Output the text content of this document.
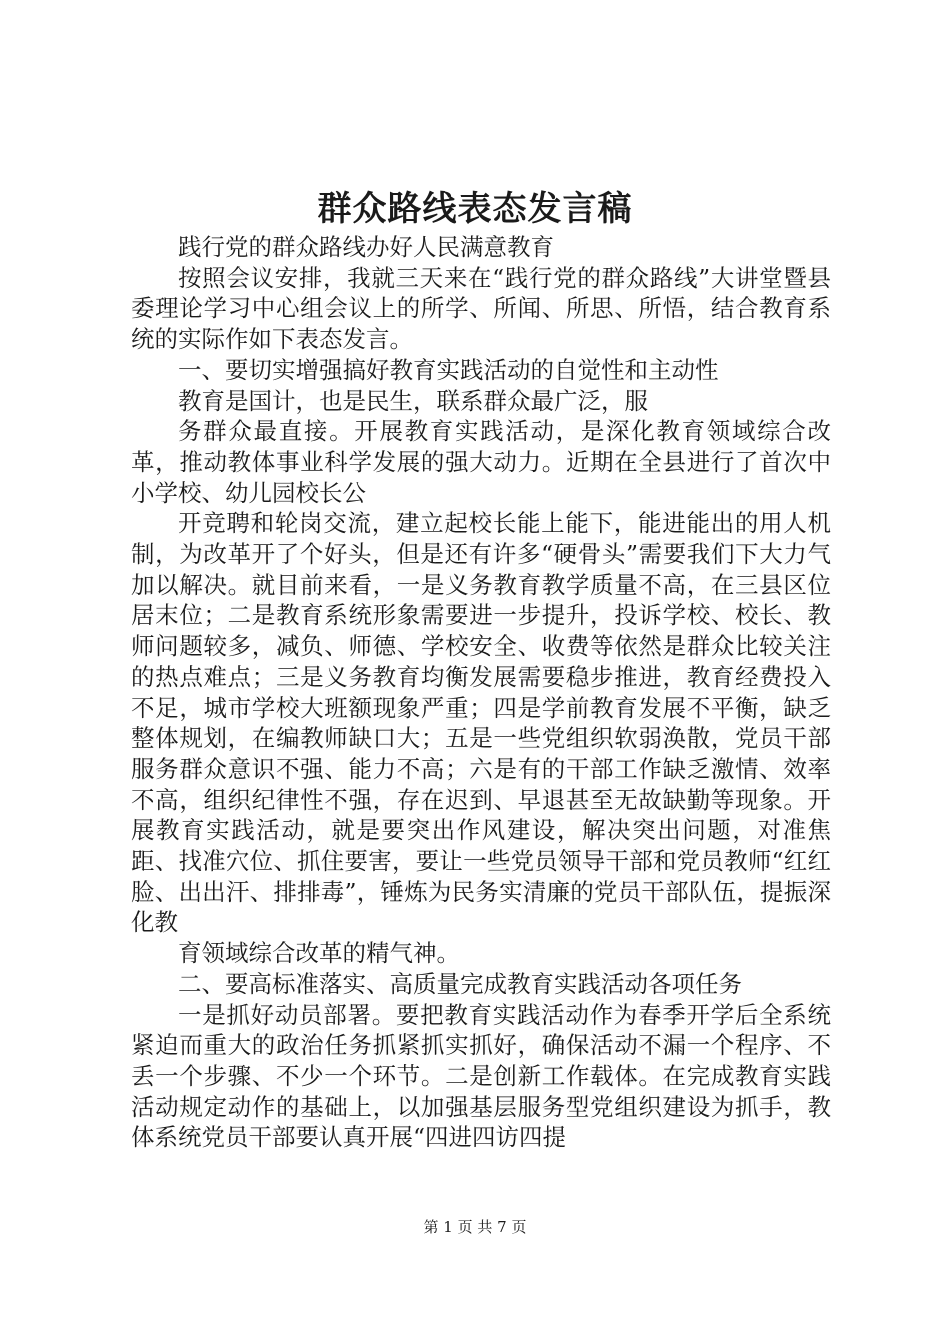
群众路线表态发言稿

践行党的群众路线办好人民满意教育

按照会议安排，我就三天来在“践行党的群众路线”大讲堂暨县委理论学习中心组会议上的所学、所闻、所思、所悟，结合教育系统的实际作如下表态发言。

一、要切实增强搞好教育实践活动的自觉性和主动性

教育是国计，也是民生，联系群众最广泛，服

务群众最直接。开展教育实践活动，是深化教育领域综合改革，推动教体事业科学发展的强大动力。近期在全县进行了首次中小学校、幼儿园校长公

开竞聘和轮岗交流，建立起校长能上能下，能进能出的用人机制，为改革开了个好头，但是还有许多“硬骨头”需要我们下大力气加以解决。就目前来看，一是义务教育教学质量不高，在三县区位居末位；二是教育系统形象需要进一步提升，投诉学校、校长、教师问题较多，减负、师德、学校安全、收费等依然是群众比较关注的热点难点；三是义务教育均衡发展需要稳步推进，教育经费投入不足，城市学校大班额现象严重；四是学前教育发展不平衡，缺乏整体规划，在编教师缺口大；五是一些党组织软弱涣散，党员干部服务群众意识不强、能力不高；六是有的干部工作缺乏激情、效率不高，组织纪律性不强，存在迟到、早退甚至无故缺勤等现象。开展教育实践活动，就是要突出作风建设，解决突出问题，对准焦距、找准穴位、抓住要害，要让一些党员领导干部和党员教师“红红脸、出出汗、排排毒”，锤炼为民务实清廉的党员干部队伍，提振深化教

育领域综合改革的精气神。

二、要高标准落实、高质量完成教育实践活动各项任务

一是抓好动员部署。要把教育实践活动作为春季开学后全系统紧迫而重大的政治任务抓紧抓实抓好，确保活动不漏一个程序、不丢一个步骤、不少一个环节。二是创新工作载体。在完成教育实践活动规定动作的基础上，以加强基层服务型党组织建设为抓手，教体系统党员干部要认真开展“四进四访四提

第 1 页 共 7 页
